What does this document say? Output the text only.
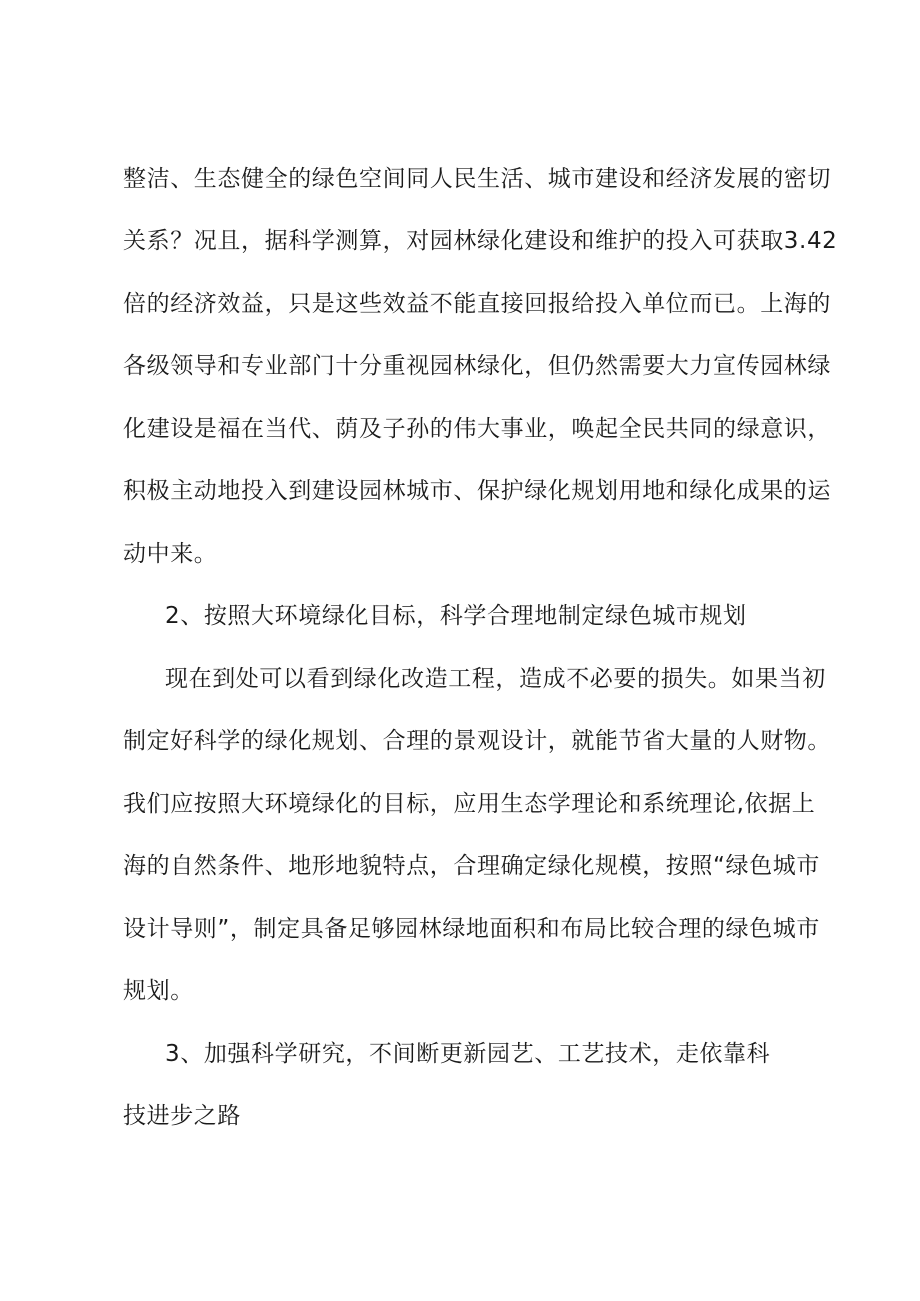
整洁、生态健全的绿色空间同人民生活、城市建设和经济发展的密切
关系？况且，据科学测算，对园林绿化建设和维护的投入可获取3.42
倍的经济效益，只是这些效益不能直接回报给投入单位而已。上海的
各级领导和专业部门十分重视园林绿化，但仍然需要大力宣传园林绿
化建设是福在当代、荫及子孙的伟大事业，唤起全民共同的绿意识，
积极主动地投入到建设园林城市、保护绿化规划用地和绿化成果的运
动中来。
2、按照大环境绿化目标，科学合理地制定绿色城市规划
现在到处可以看到绿化改造工程，造成不必要的损失。如果当初
制定好科学的绿化规划、合理的景观设计，就能节省大量的人财物。
我们应按照大环境绿化的目标，应用生态学理论和系统理论,依据上
海的自然条件、地形地貌特点，合理确定绿化规模，按照“绿色城市
设计导则”，制定具备足够园林绿地面积和布局比较合理的绿色城市
规划。
3、加强科学研究，不间断更新园艺、工艺技术，走依靠科
技进步之路
